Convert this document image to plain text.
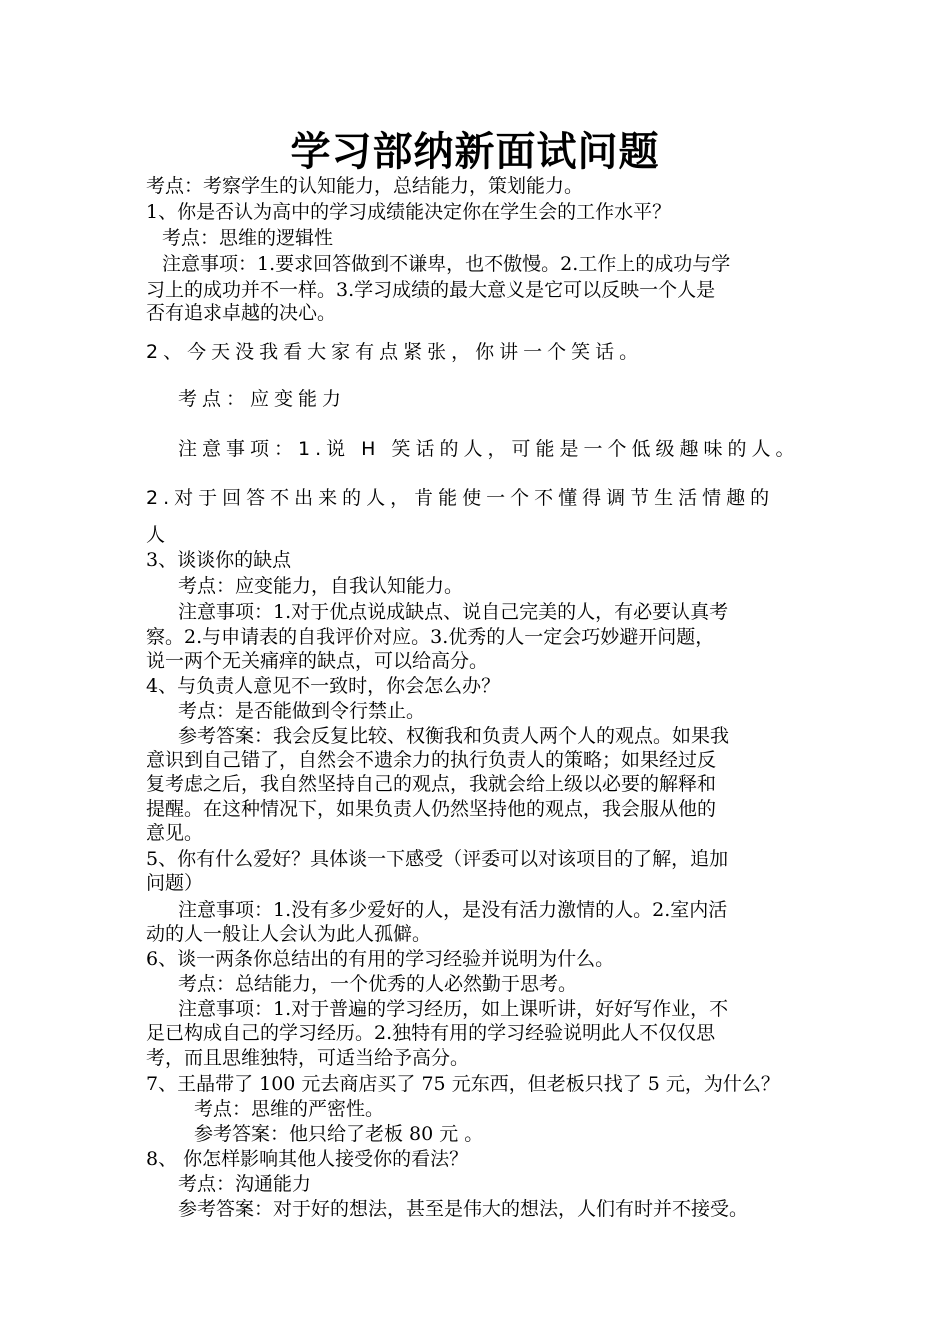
学习部纳新面试问题
考点：考察学生的认知能力，总结能力，策划能力。
1、你是否认为高中的学习成绩能决定你在学生会的工作水平？
考点：思维的逻辑性
注意事项：1.要求回答做到不谦卑，也不傲慢。2.工作上的成功与学
习上的成功并不一样。3.学习成绩的最大意义是它可以反映一个人是
否有追求卓越的决心。
2、今天没我看大家有点紧张，你讲一个笑话。
考点：应变能力
注意事项：1.说 H 笑话的人，可能是一个低级趣味的人。
2.对于回答不出来的人，肯能使一个不懂得调节生活情趣的
人
3、谈谈你的缺点
考点：应变能力，自我认知能力。
注意事项：1.对于优点说成缺点、说自己完美的人，有必要认真考
察。2.与申请表的自我评价对应。3.优秀的人一定会巧妙避开问题，
说一两个无关痛痒的缺点，可以给高分。
4、与负责人意见不一致时，你会怎么办？
考点：是否能做到令行禁止。
参考答案：我会反复比较、权衡我和负责人两个人的观点。如果我
意识到自己错了，自然会不遗余力的执行负责人的策略；如果经过反
复考虑之后，我自然坚持自己的观点，我就会给上级以必要的解释和
提醒。在这种情况下，如果负责人仍然坚持他的观点，我会服从他的
意见。
5、你有什么爱好？具体谈一下感受（评委可以对该项目的了解，追加
问题）
注意事项：1.没有多少爱好的人，是没有活力激情的人。2.室内活
动的人一般让人会认为此人孤僻。
6、谈一两条你总结出的有用的学习经验并说明为什么。
考点：总结能力，一个优秀的人必然勤于思考。
注意事项：1.对于普遍的学习经历，如上课听讲，好好写作业，不
足已构成自己的学习经历。2.独特有用的学习经验说明此人不仅仅思
考，而且思维独特，可适当给予高分。
7、王晶带了 100 元去商店买了 75 元东西，但老板只找了 5 元，为什么？
考点：思维的严密性。
参考答案：他只给了老板 80 元 。
8、 你怎样影响其他人接受你的看法？
考点：沟通能力
参考答案：对于好的想法，甚至是伟大的想法，人们有时并不接受。
